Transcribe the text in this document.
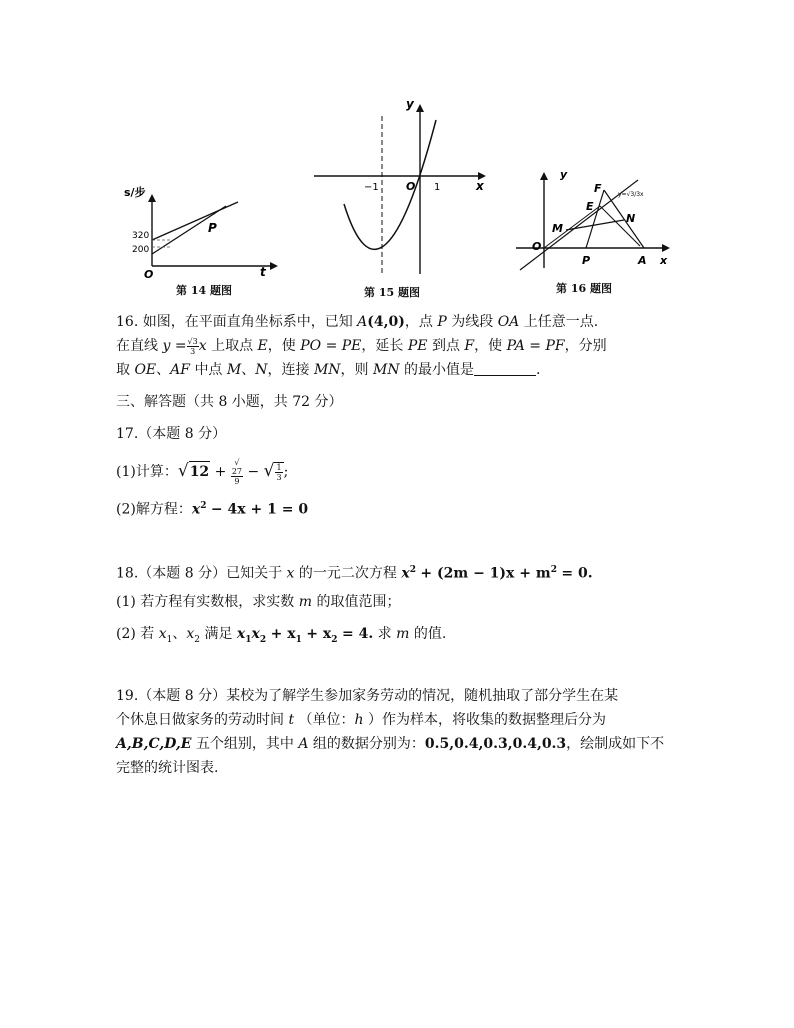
s/步
t
O
P
320
200
第 14 题图
x
y
O
−1	1
第 15 题图
y
x
O
F
E
M
N
P	A
y=√3/3x
第 16 题图
16. 如图，在平面直角坐标系中，已知 A(4,0)，点 P 为线段 OA 上任意一点.
在直线 $y = \frac{√3}{3}$ x 上取点 E，使 PO = PE，延长 PE 到点 F，使 PA = PF，分别
取 OE、AF 中点 M、N，连接 MN，则 MN 的最小值是	.
三、解答题（共 8 小题，共 72 分）
17.（本题 8 分）
(1)计算：√12 + √
27
9 − √ $\frac{1}{3}$ ;
(2)解方程：$x^2 - 4x + 1 = 0$
18.（本题 8 分）已知关于 x 的一元二次方程 $x^2 + (2m - 1)x + m^2 = 0$.
(1) 若方程有实数根，求实数 m 的取值范围；
(2) 若 $x_1$、$x_2$ 满足 $x_1x_2 + x_1 + x_2 = 4$. 求 m 的值.
19.（本题 8 分）某校为了解学生参加家务劳动的情况，随机抽取了部分学生在某
个休息日做家务的劳动时间 t （单位：h ）作为样本，将收集的数据整理后分为
A,B,C,D,E 五个组别，其中 A 组的数据分别为：0.5,0.4,0.3,0.4,0.3，绘制成如下不
完整的统计图表.
